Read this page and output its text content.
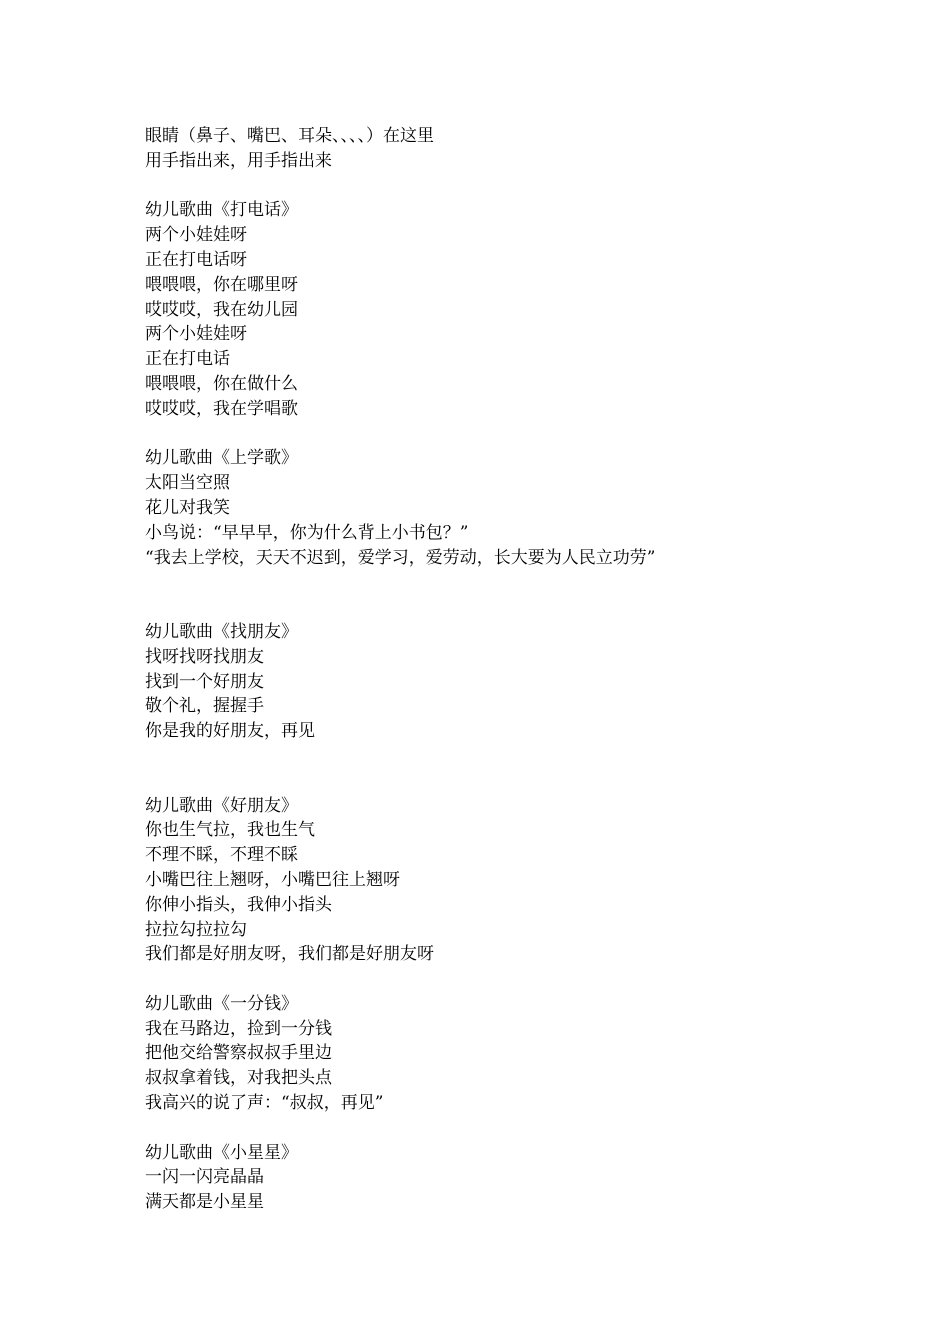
眼睛（鼻子、嘴巴、耳朵、、、、）在这里
用手指出来，用手指出来
幼儿歌曲《打电话》
两个小娃娃呀
正在打电话呀
喂喂喂，你在哪里呀
哎哎哎，我在幼儿园
两个小娃娃呀
正在打电话
喂喂喂，你在做什么
哎哎哎，我在学唱歌
幼儿歌曲《上学歌》
太阳当空照
花儿对我笑
小鸟说：“早早早，你为什么背上小书包？”
“我去上学校，天天不迟到，爱学习，爱劳动，长大要为人民立功劳”
幼儿歌曲《找朋友》
找呀找呀找朋友
找到一个好朋友
敬个礼，握握手
你是我的好朋友，再见
幼儿歌曲《好朋友》
你也生气拉，我也生气
不理不睬，不理不睬
小嘴巴往上翘呀，小嘴巴往上翘呀
你伸小指头，我伸小指头
拉拉勾拉拉勾
我们都是好朋友呀，我们都是好朋友呀
幼儿歌曲《一分钱》
我在马路边，捡到一分钱
把他交给警察叔叔手里边
叔叔拿着钱，对我把头点
我高兴的说了声：“叔叔，再见”
幼儿歌曲《小星星》
一闪一闪亮晶晶
满天都是小星星
